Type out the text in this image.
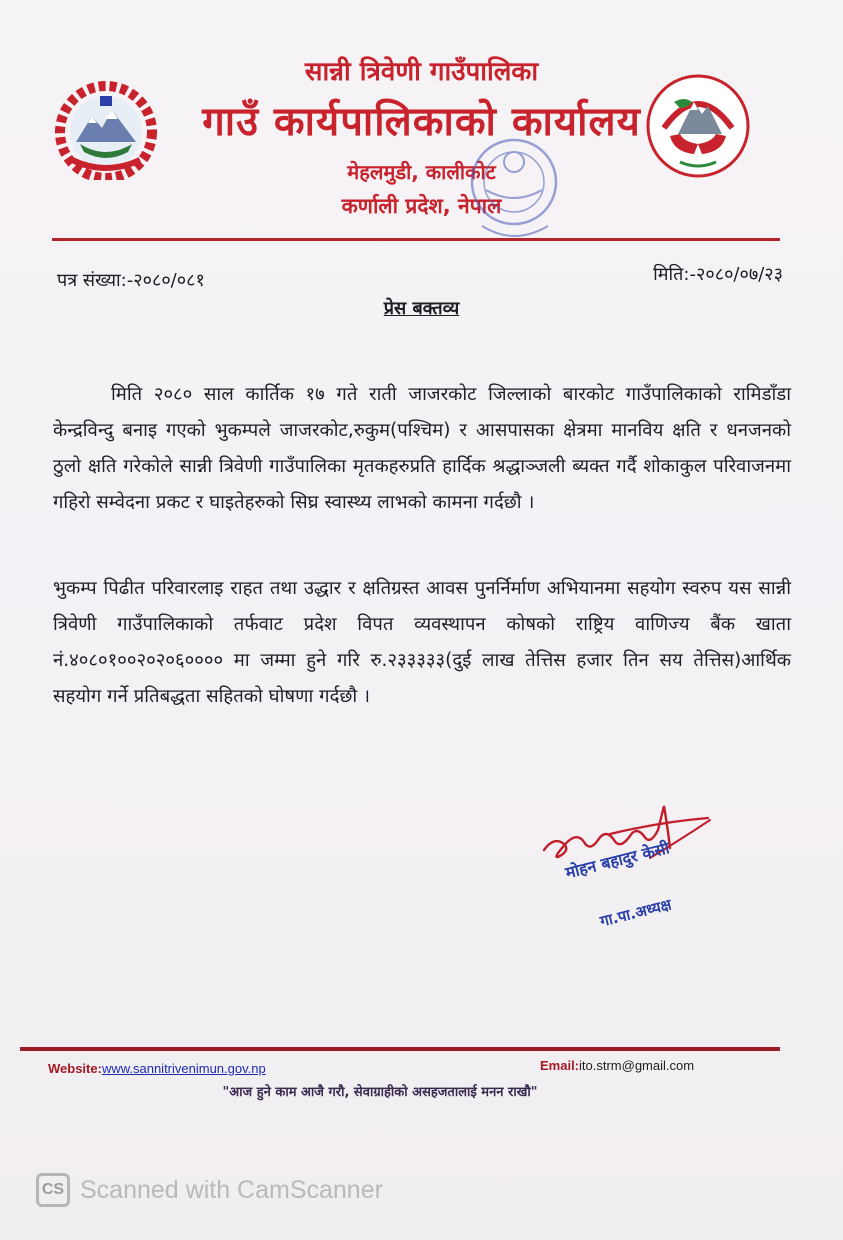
सान्नी त्रिवेणी गाउँपालिका
गाउँ कार्यपालिकाको कार्यालय
मेहलमुडी, कालीकोट
कर्णाली प्रदेश, नेपाल
पत्र संख्या:-२०८०/०८१	मिति:-२०८०/०७/२३
प्रेस बक्तव्य

मिति २०८० साल कार्तिक १७ गते राती जाजरकोट जिल्लाको बारकोट गाउँपालिकाको रामिडाँडा केन्द्रविन्दु बनाइ गएको भुकम्पले जाजरकोट,रुकुम(पश्चिम) र आसपासका क्षेत्रमा मानविय क्षति र धनजनको ठुलो क्षति गरेकोले सान्नी त्रिवेणी गाउँपालिका मृतकहरुप्रति हार्दिक श्रद्धाञ्जली ब्यक्त गर्दै शोकाकुल परिवाजनमा गहिरो सम्वेदना प्रकट र घाइतेहरुको सिघ्र स्वास्थ्य लाभको कामना गर्दछौ ।

भुकम्प पिढीत परिवारलाइ राहत तथा उद्धार र क्षतिग्रस्त आवस पुनर्निर्माण अभियानमा सहयोग स्वरुप यस सान्नी त्रिवेणी गाउँपालिकाको तर्फवाट प्रदेश विपत व्यवस्थापन कोषको राष्ट्रिय वाणिज्य बैंक खाता नं.४०८०१००२०२०६०००० मा जम्मा हुने गरि रु.२३३३३३(दुई लाख तेत्तिस हजार तिन सय तेत्तिस)आर्थिक सहयोग गर्ने प्रतिबद्धता सहितको घोषणा गर्दछौ ।

मोहन बहादुर केसी
गा.पा.अध्यक्ष
Website:www.sannitrivenimun.gov.np	Email:ito.strm@gmail.com
"आज हुने काम आजै गरौ, सेवाग्राहीको असहजतालाई मनन राखौ"
CS Scanned with CamScanner
